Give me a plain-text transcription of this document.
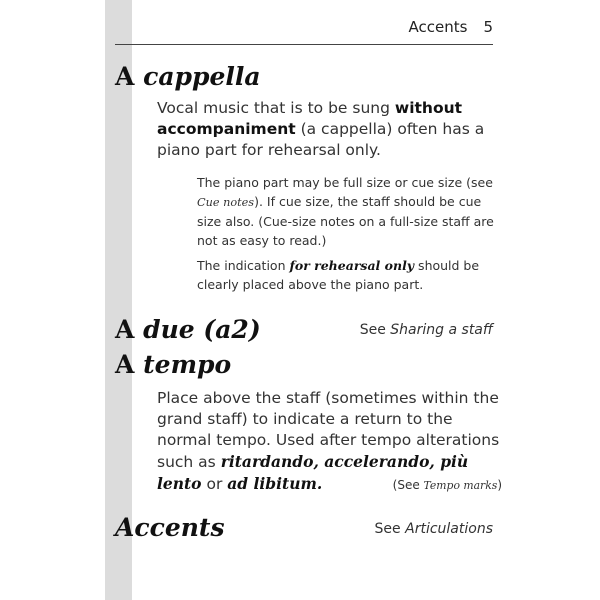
Accents 5
A cappella
Vocal music that is to be sung without accompaniment (a cappella) often has a piano part for rehearsal only.
The piano part may be full size or cue size (see Cue notes). If cue size, the staff should be cue size also. (Cue-size notes on a full-size staff are not as easy to read.)
The indication for rehearsal only should be clearly placed above the piano part.
A due (a2)	See Sharing a staff
A tempo
Place above the staff (sometimes within the grand staff) to indicate a return to the normal tempo. Used after tempo alterations such as ritardando, accelerando, più lento or ad libitum.	(See Tempo marks)
Accents	See Articulations
